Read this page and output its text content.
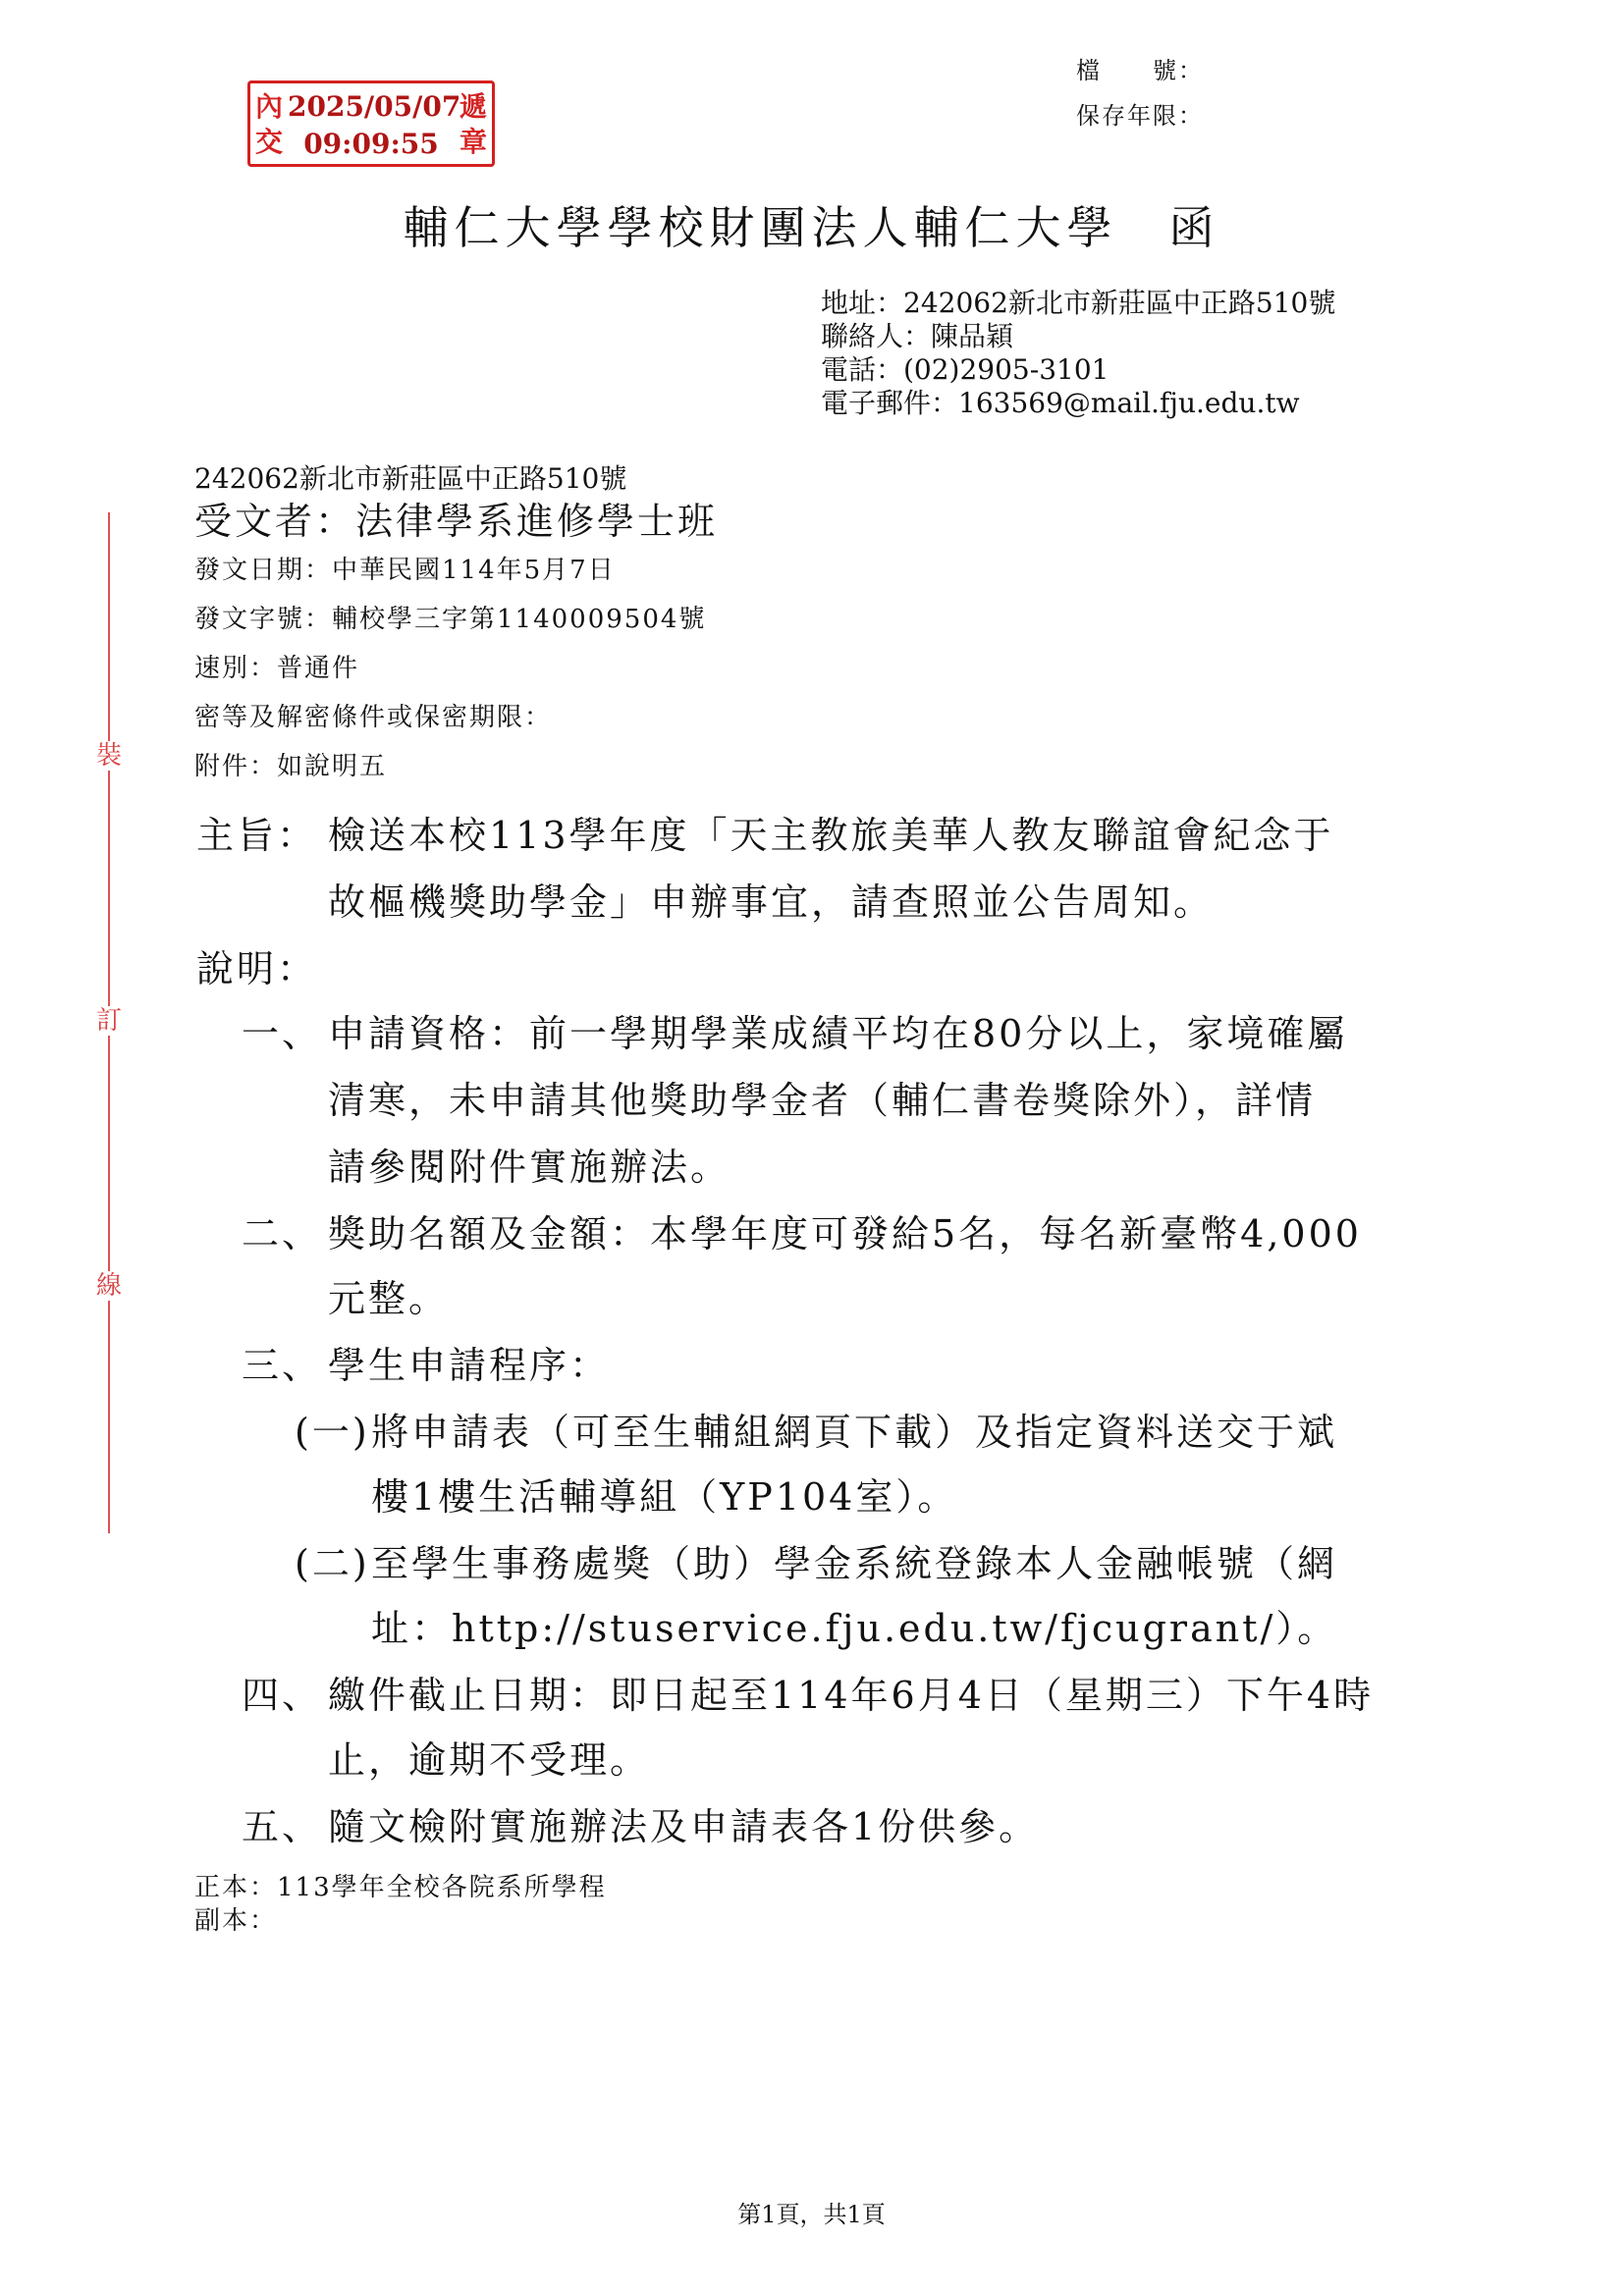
檔　　號：
保存年限：
內交
2025/05/07
09:09:55
遞章
輔仁大學學校財團法人輔仁大學　函
地址：242062新北市新莊區中正路510號
聯絡人：陳品穎
電話：(02)2905-3101
電子郵件：163569@mail.fju.edu.tw
242062新北市新莊區中正路510號
受文者：法律學系進修學士班
發文日期：中華民國114年5月7日
發文字號：輔校學三字第1140009504號
速別：普通件
密等及解密條件或保密期限：
附件：如說明五
主旨： 檢送本校113學年度「天主教旅美華人教友聯誼會紀念于
故樞機獎助學金」申辦事宜，請查照並公告周知。
說明：
一、 申請資格：前一學期學業成績平均在80分以上，家境確屬
清寒，未申請其他獎助學金者（輔仁書卷獎除外），詳情
請參閱附件實施辦法。
二、 獎助名額及金額：本學年度可發給5名，每名新臺幣4,000
元整。
三、 學生申請程序：
(一) 將申請表（可至生輔組網頁下載）及指定資料送交于斌
樓1樓生活輔導組（YP104室）。
(二) 至學生事務處獎（助）學金系統登錄本人金融帳號（網
址：http://stuservice.fju.edu.tw/fjcugrant/）。
四、 繳件截止日期：即日起至114年6月4日（星期三）下午4時
止，逾期不受理。
五、 隨文檢附實施辦法及申請表各1份供參。
正本：113學年全校各院系所學程
副本：
第1頁，共1頁
裝
訂
線
